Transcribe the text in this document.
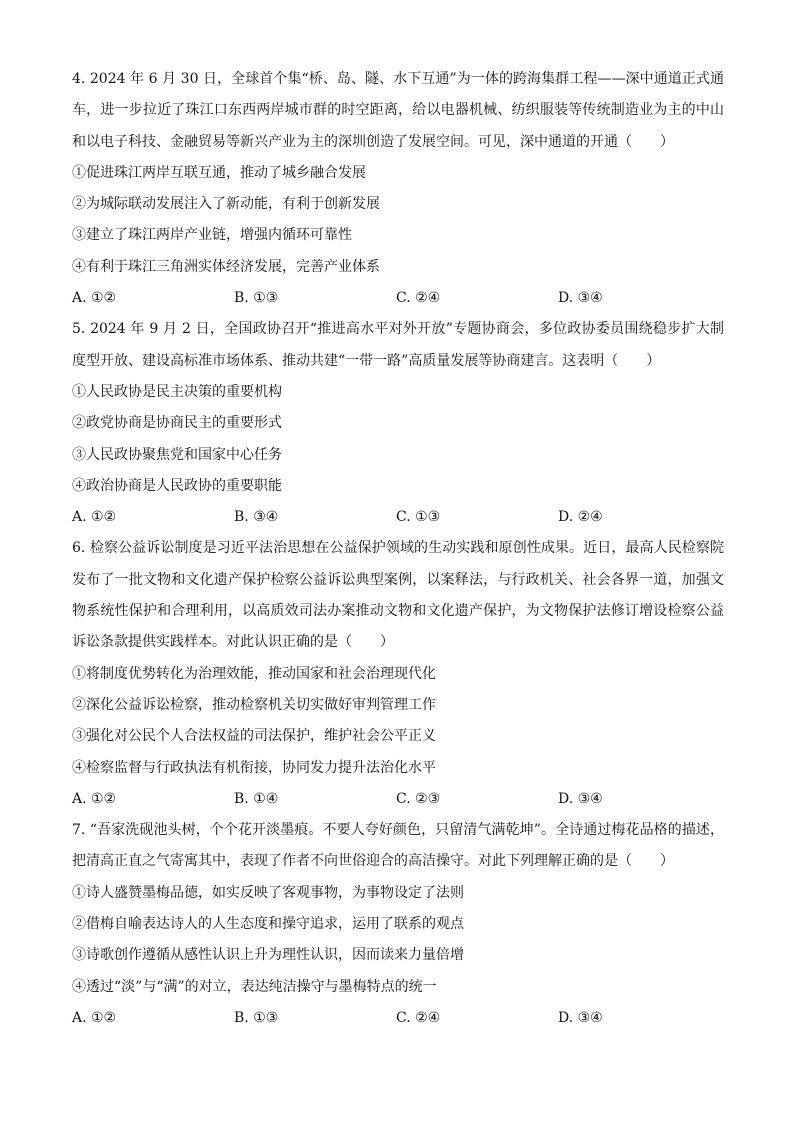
4. 2024 年 6 月 30 日，全球首个集“桥、岛、隧、水下互通”为一体的跨海集群工程——深中通道正式通车，进一步拉近了珠江口东西两岸城市群的时空距离，给以电器机械、纺织服装等传统制造业为主的中山和以电子科技、金融贸易等新兴产业为主的深圳创造了发展空间。可见，深中通道的开通（　　）

①促进珠江两岸互联互通，推动了城乡融合发展

②为城际联动发展注入了新动能，有利于创新发展

③建立了珠江两岸产业链，增强内循环可靠性

④有利于珠江三角洲实体经济发展，完善产业体系

A. ①②	B. ①③	C. ②④	D. ③④

5. 2024 年 9 月 2 日，全国政协召开“推进高水平对外开放”专题协商会，多位政协委员围绕稳步扩大制度型开放、建设高标准市场体系、推动共建“一带一路”高质量发展等协商建言。这表明（　　）

①人民政协是民主决策的重要机构

②政党协商是协商民主的重要形式

③人民政协聚焦党和国家中心任务

④政治协商是人民政协的重要职能

A. ①②	B. ③④	C. ①③	D. ②④

6. 检察公益诉讼制度是习近平法治思想在公益保护领域的生动实践和原创性成果。近日，最高人民检察院发布了一批文物和文化遗产保护检察公益诉讼典型案例，以案释法，与行政机关、社会各界一道，加强文物系统性保护和合理利用，以高质效司法办案推动文物和文化遗产保护，为文物保护法修订增设检察公益诉讼条款提供实践样本。对此认识正确的是（　　）

①将制度优势转化为治理效能，推动国家和社会治理现代化

②深化公益诉讼检察，推动检察机关切实做好审判管理工作

③强化对公民个人合法权益的司法保护，维护社会公平正义

④检察监督与行政执法有机衔接，协同发力提升法治化水平

A. ①②	B. ①④	C. ②③	D. ③④

7. “吾家洗砚池头树，个个花开淡墨痕。不要人夸好颜色，只留清气满乾坤”。全诗通过梅花品格的描述，把清高正直之气寄寓其中，表现了作者不向世俗迎合的高洁操守。对此下列理解正确的是（　　）

①诗人盛赞墨梅品德，如实反映了客观事物，为事物设定了法则

②借梅自喻表达诗人的人生态度和操守追求，运用了联系的观点

③诗歌创作遵循从感性认识上升为理性认识，因而读来力量倍增

④透过“淡”与“满”的对立，表达纯洁操守与墨梅特点的统一

A. ①②	B. ①③	C. ②④	D. ③④
